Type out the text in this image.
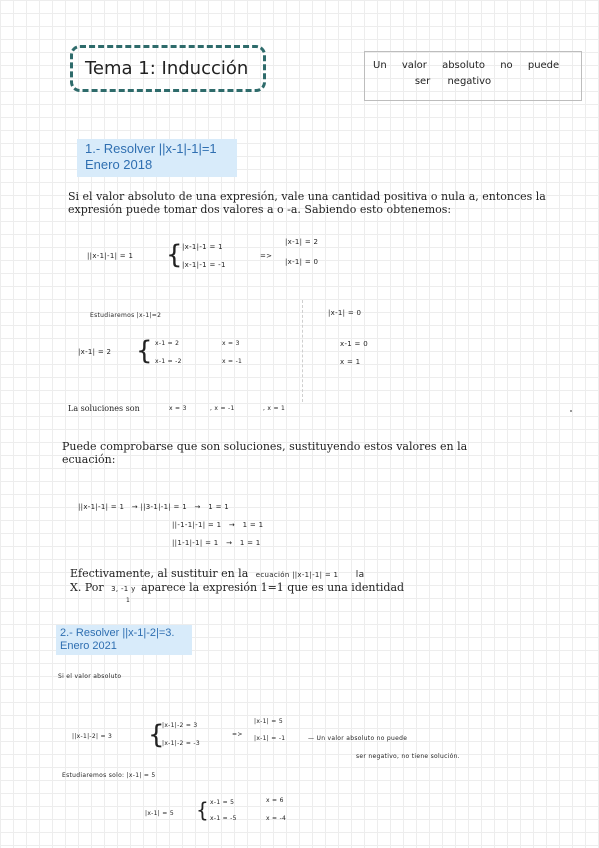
Tema 1: Inducción	Un valor absoluto no puede
ser negativo
1.- Resolver ||x-1|-1|=1
Enero 2018
Si el valor absoluto de una expresión, vale una cantidad positiva o nula a, entonces la
expresión puede tomar dos valores a o -a. Sabiendo esto obtenemos:
||x-1|-1| = 1 { |x-1|-1 = 1
|x-1|-1 = -1
=>
|x-1| = 2
|x-1| = 0
Estudiaremos |x-1|=2
|x-1| = 2 { x-1 = 2
x-1 = -2
x = 3
x = -1
|x-1| = 0
x-1 = 0
x = 1
La soluciones son	x = 3	, x = -1	, x = 1
Puede comprobarse que son soluciones, sustituyendo estos valores en la
ecuación:
||x-1|-1| = 1   → ||3-1|-1| = 1   →   1 = 1
||-1-1|-1| = 1   →   1 = 1
||1-1|-1| = 1   →   1 = 1
Efectivamente, al sustituir en la ecuación ||x-1|-1| = 1 la
X. Por 3, -1 y aparece la expresión 1=1 que es una identidad
1
2.- Resolver ||x-1|-2|=3.
Enero 2021
Si el valor absoluto
||x-1|-2| = 3 {
|x-1|-2 = 3
|x-1|-2 = -3
=>
|x-1| = 5
|x-1| = -1	— Un valor absoluto no puede
ser negativo, no tiene solución.
Estudiaremos solo: |x-1| = 5
|x-1| = 5 { x-1 = 5
x-1 = -5
x = 6
x = -4
